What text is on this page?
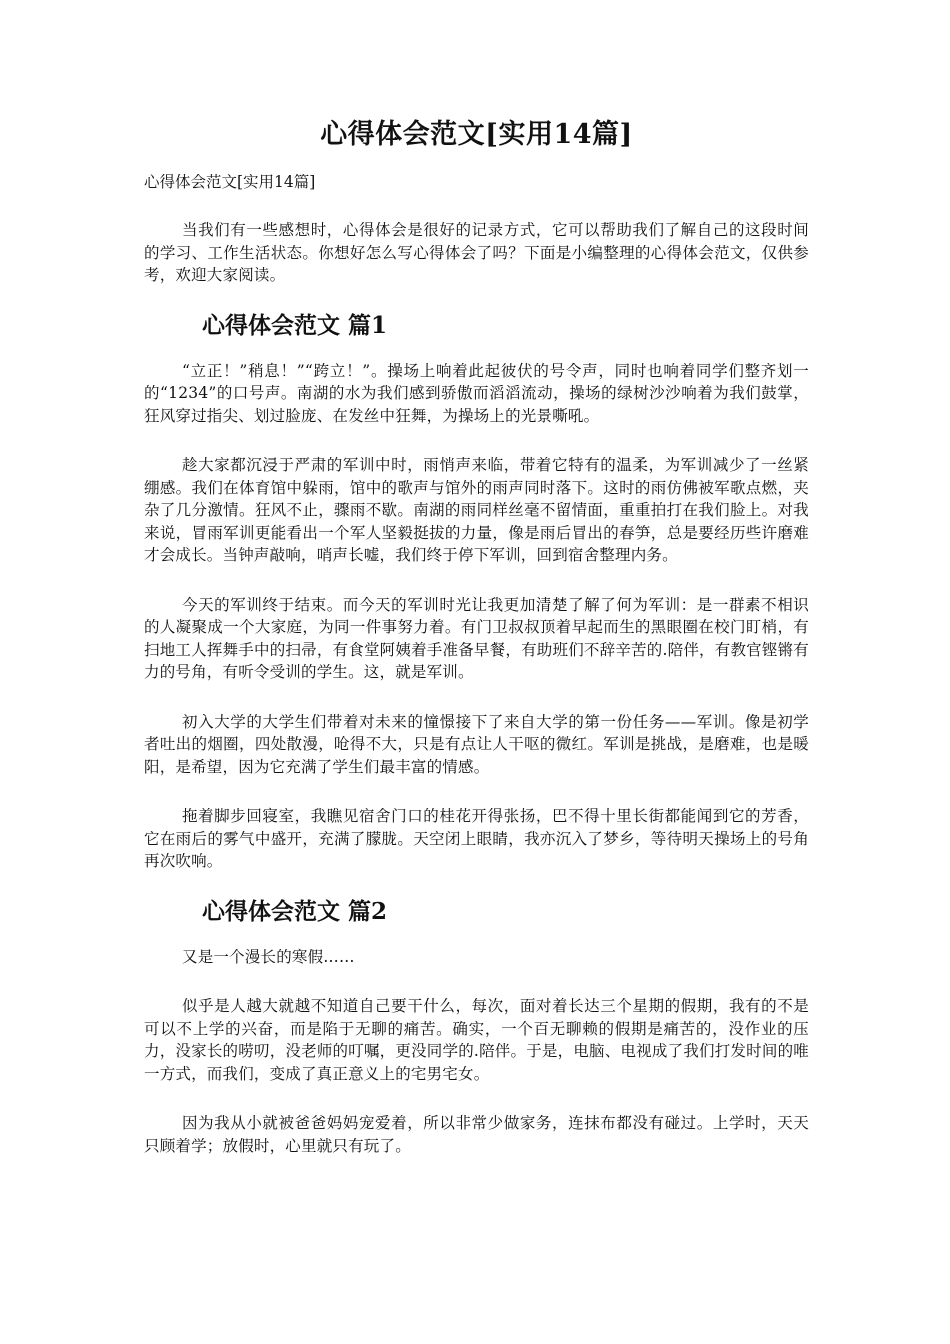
心得体会范文[实用14篇]
心得体会范文[实用14篇]

当我们有一些感想时，心得体会是很好的记录方式，它可以帮助我们了解自己的这段时间的学习、工作生活状态。你想好怎么写心得体会了吗？下面是小编整理的心得体会范文，仅供参考，欢迎大家阅读。

心得体会范文 篇1

“立正！”稍息！”“跨立！”。操场上响着此起彼伏的号令声，同时也响着同学们整齐划一的“1234”的口号声。南湖的水为我们感到骄傲而滔滔流动，操场的绿树沙沙响着为我们鼓掌，狂风穿过指尖、划过脸庞、在发丝中狂舞，为操场上的光景嘶吼。

趁大家都沉浸于严肃的军训中时，雨悄声来临，带着它特有的温柔，为军训减少了一丝紧绷感。我们在体育馆中躲雨，馆中的歌声与馆外的雨声同时落下。这时的雨仿佛被军歌点燃，夹杂了几分激情。狂风不止，骤雨不歇。南湖的雨同样丝毫不留情面，重重拍打在我们脸上。对我来说，冒雨军训更能看出一个军人坚毅挺拔的力量，像是雨后冒出的春笋，总是要经历些许磨难才会成长。当钟声敲响，哨声长嘘，我们终于停下军训，回到宿舍整理内务。

今天的军训终于结束。而今天的军训时光让我更加清楚了解了何为军训：是一群素不相识的人凝聚成一个大家庭，为同一件事努力着。有门卫叔叔顶着早起而生的黑眼圈在校门盯梢，有扫地工人挥舞手中的扫帚，有食堂阿姨着手准备早餐，有助班们不辞辛苦的.陪伴，有教官铿锵有力的号角，有听令受训的学生。这，就是军训。

初入大学的大学生们带着对未来的憧憬接下了来自大学的第一份任务——军训。像是初学者吐出的烟圈，四处散漫，呛得不大，只是有点让人干呕的微红。军训是挑战，是磨难，也是暖阳，是希望，因为它充满了学生们最丰富的情感。

拖着脚步回寝室，我瞧见宿舍门口的桂花开得张扬，巴不得十里长街都能闻到它的芳香，它在雨后的雾气中盛开，充满了朦胧。天空闭上眼睛，我亦沉入了梦乡，等待明天操场上的号角再次吹响。

心得体会范文 篇2

又是一个漫长的寒假……

似乎是人越大就越不知道自己要干什么，每次，面对着长达三个星期的假期，我有的不是可以不上学的兴奋，而是陷于无聊的痛苦。确实，一个百无聊赖的假期是痛苦的，没作业的压力，没家长的唠叨，没老师的叮嘱，更没同学的.陪伴。于是，电脑、电视成了我们打发时间的唯一方式，而我们，变成了真正意义上的宅男宅女。

因为我从小就被爸爸妈妈宠爱着，所以非常少做家务，连抹布都没有碰过。上学时，天天只顾着学；放假时，心里就只有玩了。
